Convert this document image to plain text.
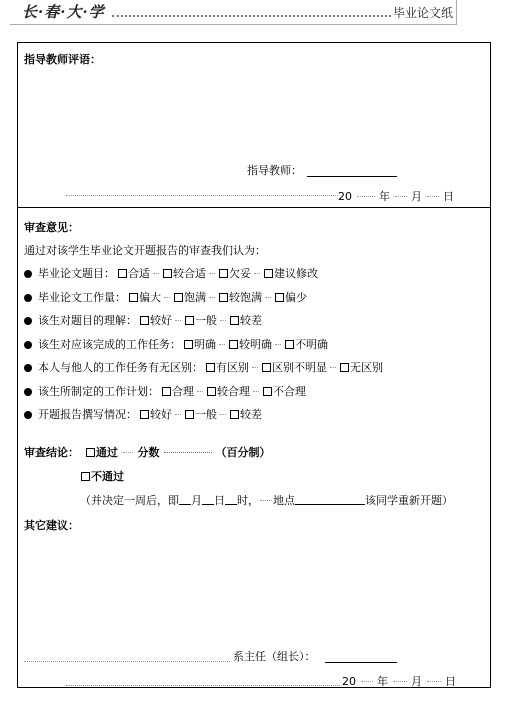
长·春·大·学	毕业论文纸
指导教师评语：
指导教师：
20 年 月 日
审查意见：
通过对该学生毕业论文开题报告的审查我们认为：
毕业论文题目： 合适 较合适 欠妥 建议修改
毕业论文工作量： 偏大 饱满 较饱满 偏少
该生对题目的理解： 较好 一般 较差
该生对应该完成的工作任务： 明确 较明确 不明确
本人与他人的工作任务有无区别： 有区别 区别不明显 无区别
该生所制定的工作计划： 合理 较合理 不合理
开题报告撰写情况： 较好 一般 较差
审查结论： 通过 分数	（百分制）
不通过
（并决定一周后，即 月 日 时， 地点	该同学重新开题）
其它建议：
系主任（组长）：
20 年 月 日
